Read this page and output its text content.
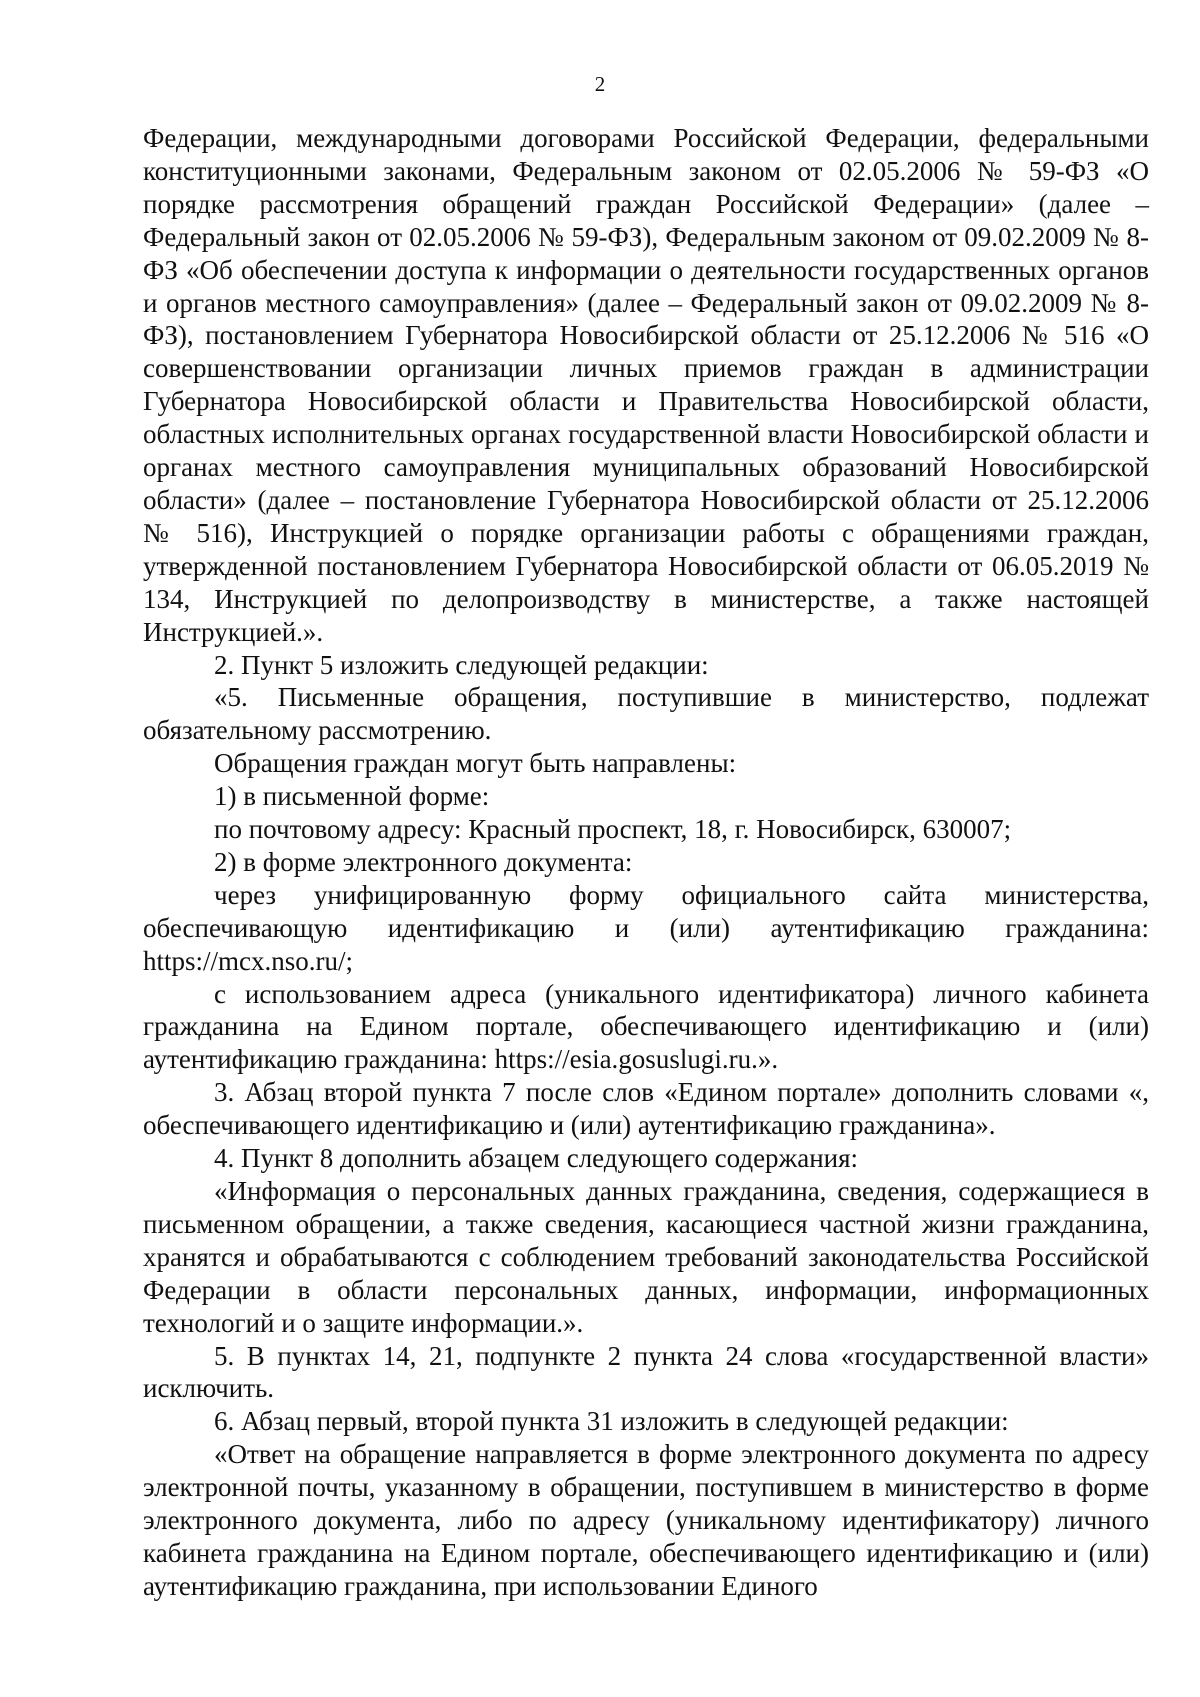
2

Федерации, международными договорами Российской Федерации, федеральными конституционными законами, Федеральным законом от 02.05.2006 № 59-ФЗ «О порядке рассмотрения обращений граждан Российской Федерации» (далее – Федеральный закон от 02.05.2006 № 59-ФЗ), Федеральным законом от 09.02.2009 № 8-ФЗ «Об обеспечении доступа к информации о деятельности государственных органов и органов местного самоуправления» (далее – Федеральный закон от 09.02.2009 № 8-ФЗ), постановлением Губернатора Новосибирской области от 25.12.2006 № 516 «О совершенствовании организации личных приемов граждан в администрации Губернатора Новосибирской области и Правительства Новосибирской области, областных исполнительных органах государственной власти Новосибирской области и органах местного самоуправления муниципальных образований Новосибирской области» (далее – постановление Губернатора Новосибирской области от 25.12.2006 № 516), Инструкцией о порядке организации работы с обращениями граждан, утвержденной постановлением Губернатора Новосибирской области от 06.05.2019 № 134, Инструкцией по делопроизводству в министерстве, а также настоящей Инструкцией.».

2. Пункт 5 изложить следующей редакции:

«5. Письменные обращения, поступившие в министерство, подлежат обязательному рассмотрению.

Обращения граждан могут быть направлены:

1) в письменной форме:

по почтовому адресу: Красный проспект, 18, г. Новосибирск, 630007;

2) в форме электронного документа:

через унифицированную форму официального сайта министерства, обеспечивающую идентификацию и (или) аутентификацию гражданина: https://mcx.nso.ru/;

с использованием адреса (уникального идентификатора) личного кабинета гражданина на Едином портале, обеспечивающего идентификацию и (или) аутентификацию гражданина: https://esia.gosuslugi.ru.».

3. Абзац второй пункта 7 после слов «Едином портале» дополнить словами «, обеспечивающего идентификацию и (или) аутентификацию гражданина».

4. Пункт 8 дополнить абзацем следующего содержания:

«Информация о персональных данных гражданина, сведения, содержащиеся в письменном обращении, а также сведения, касающиеся частной жизни гражданина, хранятся и обрабатываются с соблюдением требований законодательства Российской Федерации в области персональных данных, информации, информационных технологий и о защите информации.».

5. В пунктах 14, 21, подпункте 2 пункта 24 слова «государственной власти» исключить.

6. Абзац первый, второй пункта 31 изложить в следующей редакции:

«Ответ на обращение направляется в форме электронного документа по адресу электронной почты, указанному в обращении, поступившем в министерство в форме электронного документа, либо по адресу (уникальному идентификатору) личного кабинета гражданина на Едином портале, обеспечивающего идентификацию и (или) аутентификацию гражданина, при использовании Единого
